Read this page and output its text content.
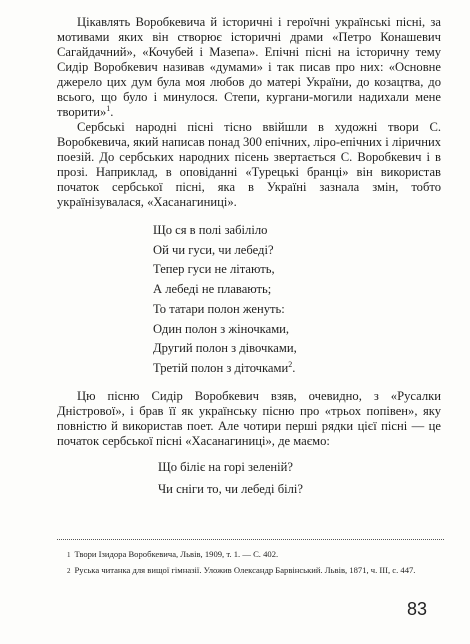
Цікавлять Воробкевича й історичні і героїчні українські пісні, за мотивами яких він створює історичні драми «Петро Конашевич Сагайдачний», «Кочубей і Мазепа». Епічні пісні на історичну тему Сидір Воробкевич називав «думами» і так писав про них: «Основне джерело цих дум була моя любов до матері України, до козацтва, до всього, що було і минулося. Степи, кургани-могили надихали мене творити»$^1$.

Сербські народні пісні тісно ввійшли в художні твори С. Воробкевича, який написав понад 300 епічних, ліро-епічних і ліричних поезій. До сербських народних пісень звертається С. Воробкевич і в прозі. Наприклад, в оповіданні «Турецькі бранці» він використав початок сербської пісні, яка в Україні зазнала змін, тобто українізувалася, «Хасанагиниці».

Що ся в полі забіліло
Ой чи гуси, чи лебеді?
Тепер гуси не літають,
А лебеді не плавають;
То татари полон женуть:
Один полон з жіночками,
Другий полон з дівочками,
Третій полон з діточками$^2$.

Цю пісню Сидір Воробкевич взяв, очевидно, з «Русалки Дністрової», і брав її як українську пісню про «трьох попівен», яку повністю й використав поет. Але чотири перші рядки цієї пісні — це початок сербської пісні «Хасанагиниці», де маємо:

Що біліє на горі зеленій?
Чи сніги то, чи лебеді білі?

1 Твори Ізидора Воробкевича, Львів, 1909, т. 1. — С. 402.

2 Руська читанка для вищої гімназії. Уложив Олександр Барвінський. Львів, 1871, ч. III, с. 447.

83
